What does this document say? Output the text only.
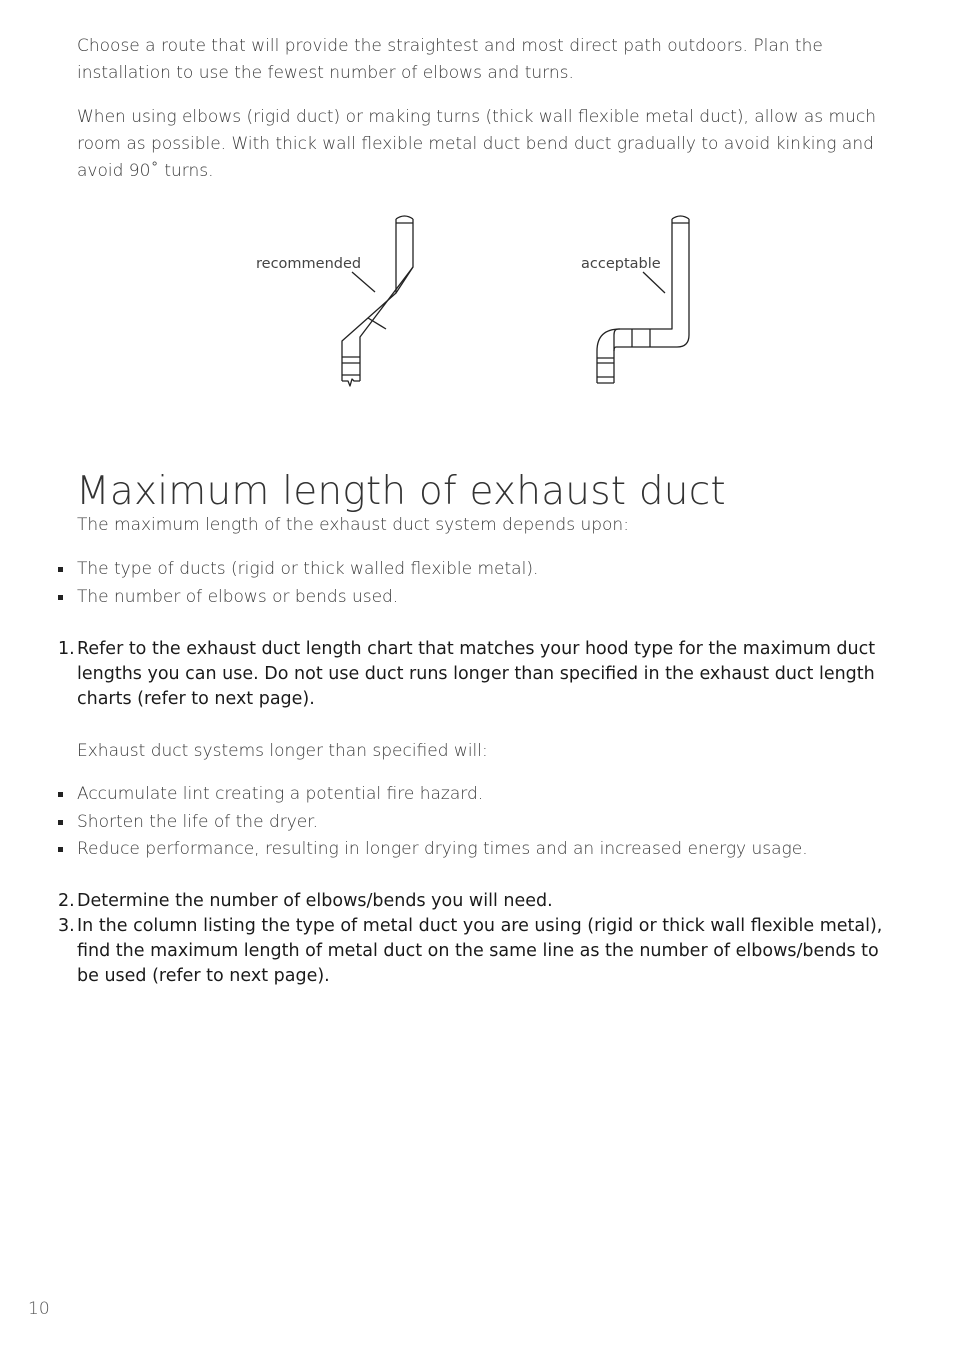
Choose a route that will provide the straightest and most direct path outdoors. Plan the installation to use the fewest number of elbows and turns.

When using elbows (rigid duct) or making turns (thick wall flexible metal duct), allow as much room as possible. With thick wall flexible metal duct bend duct gradually to avoid kinking and avoid 90˚ turns.

recommended	acceptable
Maximum length of exhaust duct

The maximum length of the exhaust duct system depends upon:

The type of ducts (rigid or thick walled flexible metal).
The number of elbows or bends used.
1. Refer to the exhaust duct length chart that matches your hood type for the maximum duct lengths you can use. Do not use duct runs longer than specified in the exhaust duct length charts (refer to next page).

Exhaust duct systems longer than specified will:

Accumulate lint creating a potential fire hazard.
Shorten the life of the dryer.
Reduce performance, resulting in longer drying times and an increased energy usage.
2. Determine the number of elbows/bends you will need.
3. In the column listing the type of metal duct you are using (rigid or thick wall flexible metal), find the maximum length of metal duct on the same line as the number of elbows/bends to be used (refer to next page).
10
